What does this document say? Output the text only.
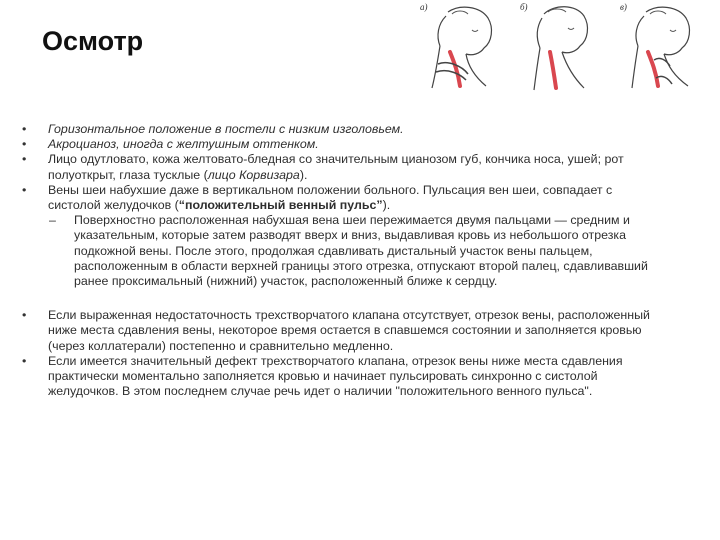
Осмотр
а)	б)	в)
•	Горизонтальное положение в постели с низким изголовьем.
•	Акроцианоз, иногда с желтушным оттенком.
•	Лицо одутловато, кожа желтовато-бледная со значительным цианозом губ, кончика носа, ушей; рот полуоткрыт, глаза тусклые (лицо Корвизара).
•	Вены шеи набухшие даже в вертикальном положении больного. Пульсация вен шеи, совпадает с систолой желудочков (“положительный венный пульс”).
– Поверхностно расположенная набухшая вена шеи пережимается двумя пальцами — средним и указательным, которые затем разводят вверх и вниз, выдавливая кровь из небольшого отрезка подкожной вены. После этого, продолжая сдавливать дистальный участок вены пальцем, расположенным в области верхней границы этого отрезка, отпускают второй палец, сдавливавший ранее проксимальный (нижний) участок, расположенный ближе к сердцу.
•	Если выраженная недостаточность трехстворчатого клапана отсутствует, отрезок вены, расположенный ниже места сдавления вены, некоторое время остается в спавшемся состоянии и заполняется кровью (через коллатерали) постепенно и сравнительно медленно.
•	Если имеется значительный дефект трехстворчатого клапана, отрезок вены ниже места сдавления практически моментально заполняется кровью и начинает пульсировать синхронно с систолой желудочков. В этом последнем случае речь идет о наличии "положительного венного пульса".
